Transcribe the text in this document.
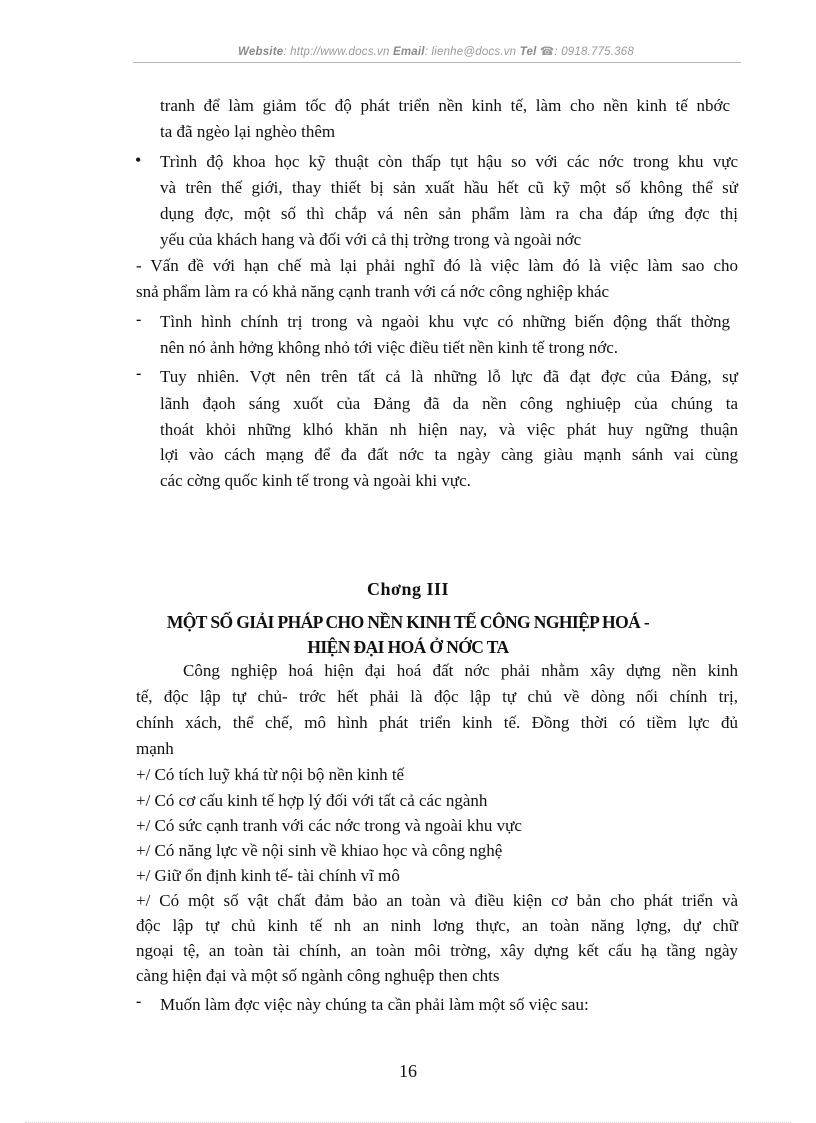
Website: http://www.docs.vn Email: lienhe@docs.vn Tel ☎: 0918.775.368
tranh để làm giảm tốc độ phát triển nền kinh tế, làm cho nền kinh tế nbớc
ta đã ngèo lại nghèo thêm
• Trình độ khoa học kỹ thuật còn thấp tụt hậu so với các nớc trong khu vực
và trên thế giới, thay thiết bị sản xuất hầu hết cũ kỹ một số không thể sử
dụng đợc, một số thì chắp vá nên sản phẩm làm ra cha đáp ứng đợc thị
yếu của khách hang và đối với cả thị trờng trong và ngoài nớc
- Vấn đề với hạn chế mà lại phải nghĩ đó là việc làm đó là việc làm sao cho
snả phẩm làm ra có khả năng cạnh tranh với cá nớc công nghiệp khác
- Tình hình chính trị trong và ngaòi khu vực có những biến động thất thờng
nên nó ảnh hởng không nhỏ tới việc điều tiết nền kinh tế trong nớc.
- Tuy nhiên. Vợt nên trên tất cả là những lỗ lực đã đạt đợc của Đảng, sự
lãnh đạoh sáng xuốt của Đảng đã da nền công nghiuệp của chúng ta
thoát khỏi những klhó khăn nh hiện nay, và việc phát huy ngững thuận
lợi vào cách mạng để đa đất nớc ta ngày càng giàu mạnh sánh vai cùng
các cờng quốc kinh tế trong và ngoài khi vực.
Chơng III
MỘT SỐ GIẢI PHÁP CHO NỀN KINH TẾ CÔNG NGHIỆP HOÁ -
HIỆN ĐẠI HOÁ Ở NỚC TA
Công nghiệp hoá hiện đại hoá đất nớc phải nhằm xây dựng nền kinh
tế, độc lập tự chủ- trớc hết phải là độc lập tự chủ về dòng nối chính trị,
chính xách, thể chế, mô hình phát triển kinh tế. Đồng thời có tiềm lực đủ
mạnh
+/ Có tích luỹ khá từ nội bộ nền kinh tế
+/ Có cơ cấu kinh tế hợp lý đối với tất cả các ngành
+/ Có sức cạnh tranh với các nớc trong và ngoài khu vực
+/ Có năng lực về nội sinh về khiao học và công nghệ
+/ Giữ ổn định kinh tế- tài chính vĩ mô
+/ Có một số vật chất đảm bảo an toàn và điều kiện cơ bản cho phát triển và
độc lập tự chủ kinh tế nh an ninh lơng thực, an toàn năng lợng, dự chữ
ngoại tệ, an toàn tài chính, an toàn môi trờng, xây dựng kết cấu hạ tầng ngày
càng hiện đại và một số ngành công nghuệp then chts
- Muốn làm đợc việc này chúng ta cần phải làm một số việc sau:
16
